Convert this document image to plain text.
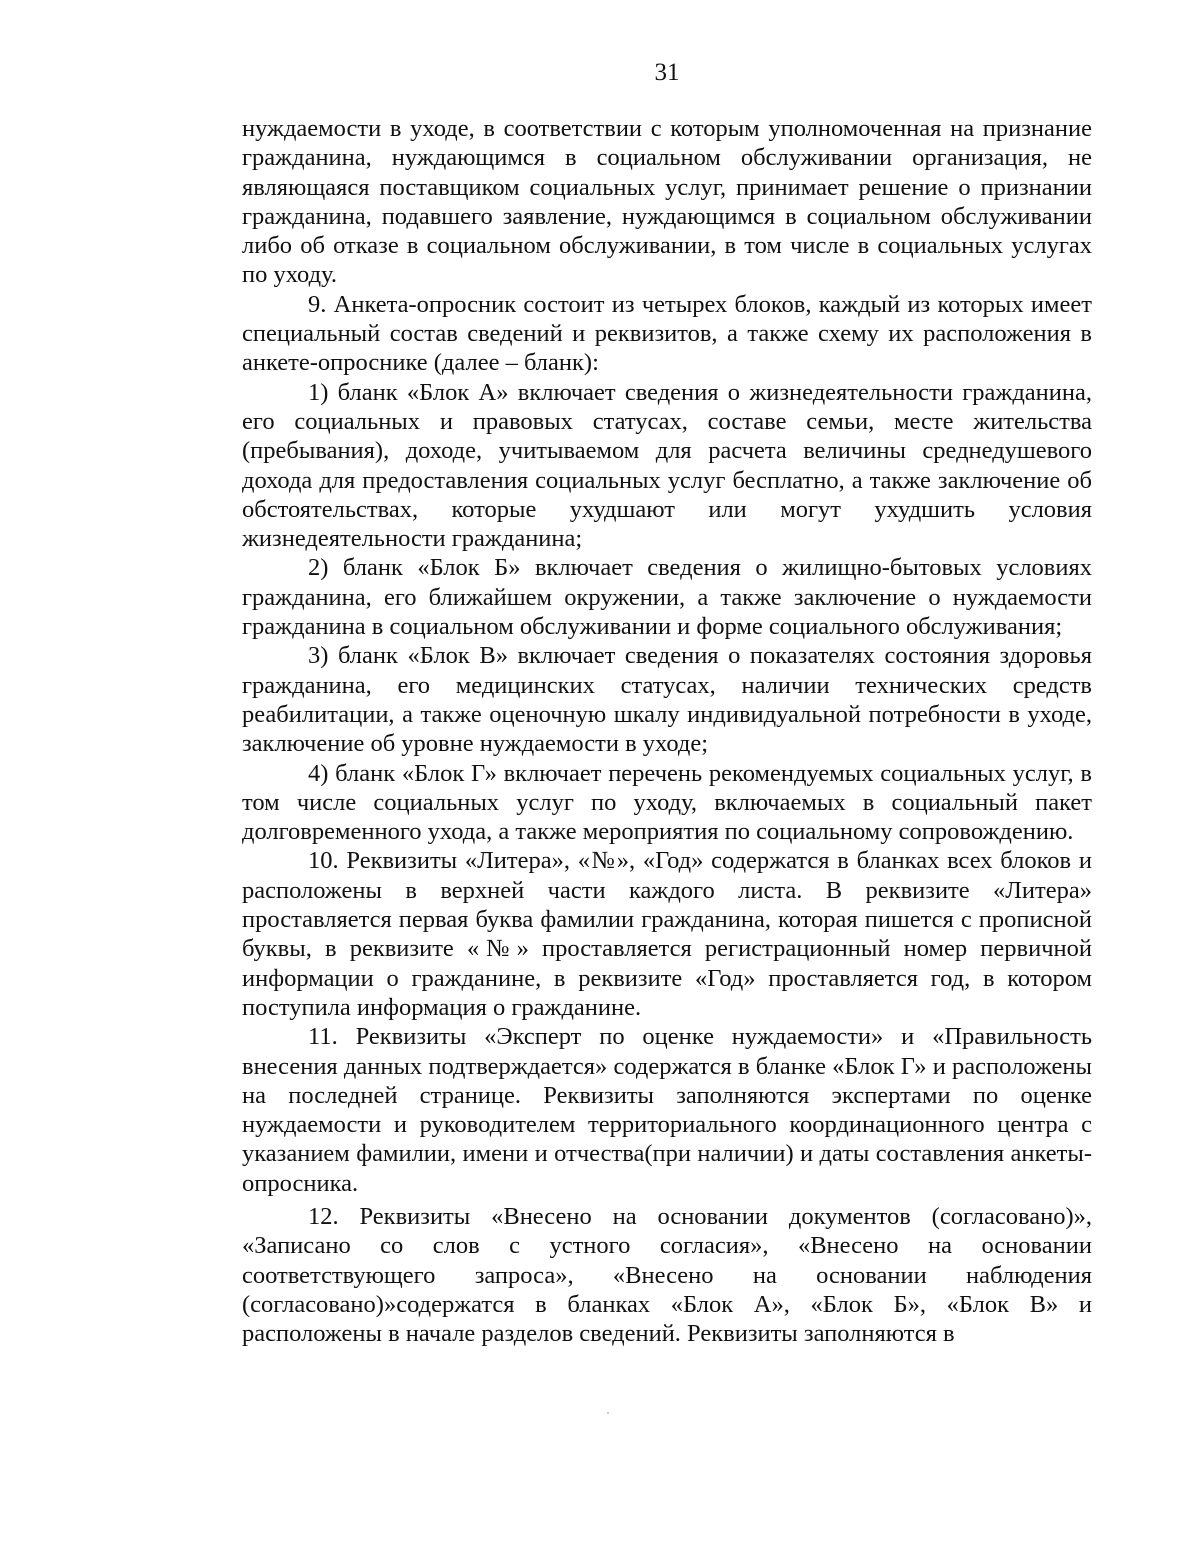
31

нуждаемости в уходе, в соответствии с которым уполномоченная на признание гражданина, нуждающимся в социальном обслуживании организация, не являющаяся поставщиком социальных услуг, принимает решение о признании гражданина, подавшего заявление, нуждающимся в социальном обслуживании либо об отказе в социальном обслуживании, в том числе в социальных услугах по уходу.

9. Анкета-опросник состоит из четырех блоков, каждый из которых имеет специальный состав сведений и реквизитов, а также схему их расположения в анкете-опроснике (далее – бланк):

1) бланк «Блок А» включает сведения о жизнедеятельности гражданина, его социальных и правовых статусах, составе семьи, месте жительства (пребывания), доходе, учитываемом для расчета величины среднедушевого дохода для предоставления социальных услуг бесплатно, а также заключение об обстоятельствах, которые ухудшают или могут ухудшить условия жизнедеятельности гражданина;

2) бланк «Блок Б» включает сведения о жилищно-бытовых условиях гражданина, его ближайшем окружении, а также заключение о нуждаемости гражданина в социальном обслуживании и форме социального обслуживания;

3) бланк «Блок В» включает сведения о показателях состояния здоровья гражданина, его медицинских статусах, наличии технических средств реабилитации, а также оценочную шкалу индивидуальной потребности в уходе, заключение об уровне нуждаемости в уходе;

4) бланк «Блок Г» включает перечень рекомендуемых социальных услуг, в том числе социальных услуг по уходу, включаемых в социальный пакет долговременного ухода, а также мероприятия по социальному сопровождению.

10. Реквизиты «Литера», «№», «Год» содержатся в бланках всех блоков и расположены в верхней части каждого листа. В реквизите «Литера» проставляется первая буква фамилии гражданина, которая пишется с прописной буквы, в реквизите «№» проставляется регистрационный номер первичной информации о гражданине, в реквизите «Год» проставляется год, в котором поступила информация о гражданине.

11. Реквизиты «Эксперт по оценке нуждаемости» и «Правильность внесения данных подтверждается» содержатся в бланке «Блок Г» и расположены на последней странице. Реквизиты заполняются экспертами по оценке нуждаемости и руководителем территориального координационного центра с указанием фамилии, имени и отчества(при наличии) и даты составления анкеты-опросника.

12. Реквизиты «Внесено на основании документов (согласовано)», «Записано со слов с устного согласия», «Внесено на основании соответствующего запроса», «Внесено на основании наблюдения (согласовано)»содержатся в бланках «Блок А», «Блок Б», «Блок В» и расположены в начале разделов сведений. Реквизиты заполняются в
